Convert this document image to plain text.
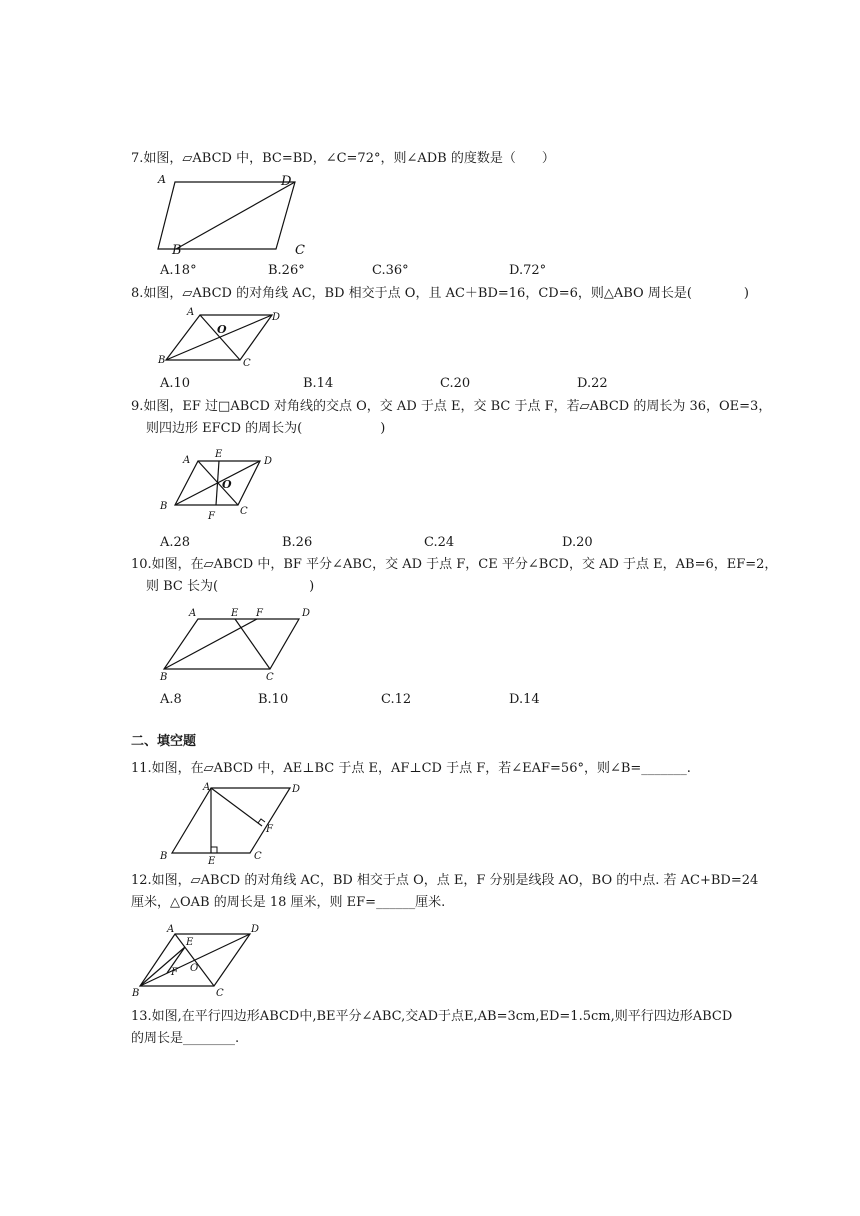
7.如图，▱ABCD 中，BC=BD，∠C=72°，则∠ADB 的度数是（　　）
A	D
B	C
A.18°	B.26°	C.36°	D.72°
8.如图，▱ABCD 的对角线 AC，BD 相交于点 O，且 AC＋BD=16，CD=6，则△ABO 周长是(　　　　)
A	D
B	C
O
A.10	B.14	C.20	D.22
9.如图，EF 过□ABCD 对角线的交点 O，交 AD 于点 E，交 BC 于点 F，若▱ABCD 的周长为 36，OE=3，
则四边形 EFCD 的周长为(　　　　　　)
A
E
D
B
F	C
O
A.28	B.26	C.24	D.20
10.如图，在▱ABCD 中，BF 平分∠ABC，交 AD 于点 F，CE 平分∠BCD，交 AD 于点 E，AB=6，EF=2，
则 BC 长为(　　　　　　　)
A	E F	D
B	C
A.8	B.10	C.12	D.14
二、填空题
11.如图，在▱ABCD 中，AE⊥BC 于点 E，AF⊥CD 于点 F，若∠EAF=56°，则∠B=_______.
A	D
F
B	E	C
12.如图，▱ABCD 的对角线 AC，BD 相交于点 O，点 E，F 分别是线段 AO，BO 的中点. 若 AC+BD=24
厘米，△OAB 的周长是 18 厘米，则 EF=______厘米.
A	D
E
O
F
B	C
13.如图,在平行四边形ABCD中,BE平分∠ABC,交AD于点E,AB=3cm,ED=1.5cm,则平行四边形ABCD
的周长是________.
